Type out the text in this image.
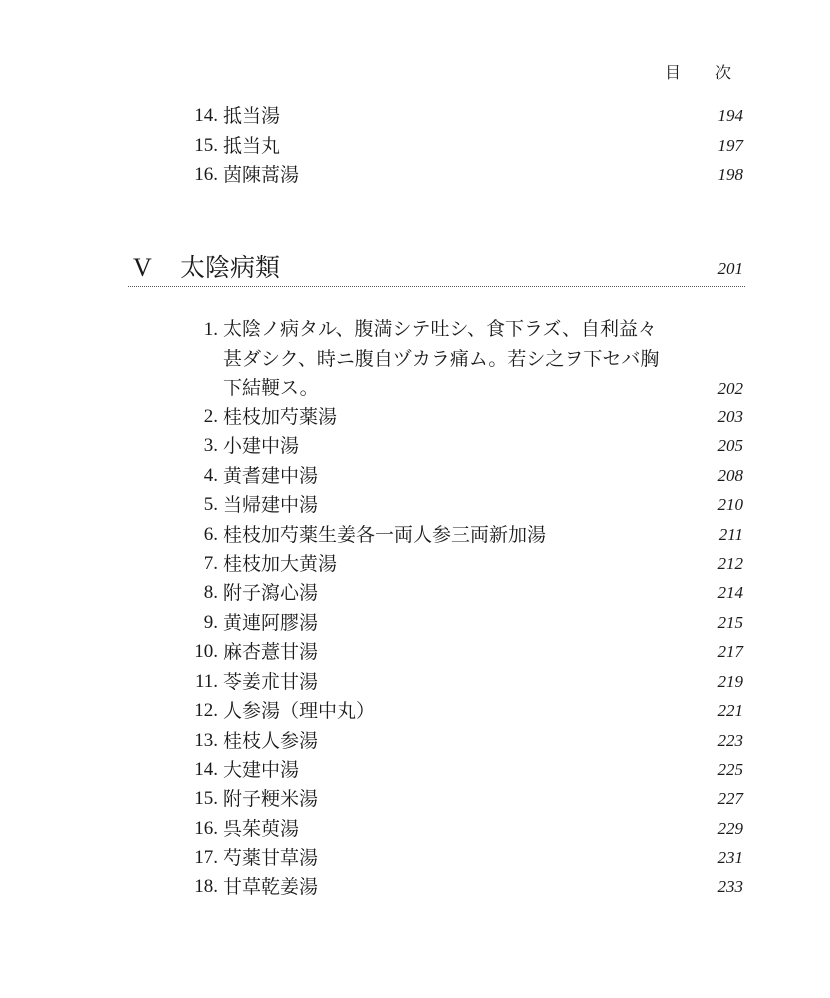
目 次
14. 抵当湯	194
15. 抵当丸	197
16. 茵陳蒿湯	198
V 太陰病類	201
1. 太陰ノ病タル、腹満シテ吐シ、食下ラズ、自利益々
甚ダシク、時ニ腹自ヅカラ痛ム。若シ之ヲ下セバ胸
下結鞕ス。	202
2. 桂枝加芍薬湯	203
3. 小建中湯	205
4. 黄耆建中湯	208
5. 当帰建中湯	210
6. 桂枝加芍薬生姜各一両人参三両新加湯	211
7. 桂枝加大黄湯	212
8. 附子瀉心湯	214
9. 黄連阿膠湯	215
10. 麻杏薏甘湯	217
11. 苓姜朮甘湯	219
12. 人参湯（理中丸）	221
13. 桂枝人参湯	223
14. 大建中湯	225
15. 附子粳米湯	227
16. 呉茱萸湯	229
17. 芍薬甘草湯	231
18. 甘草乾姜湯	233
